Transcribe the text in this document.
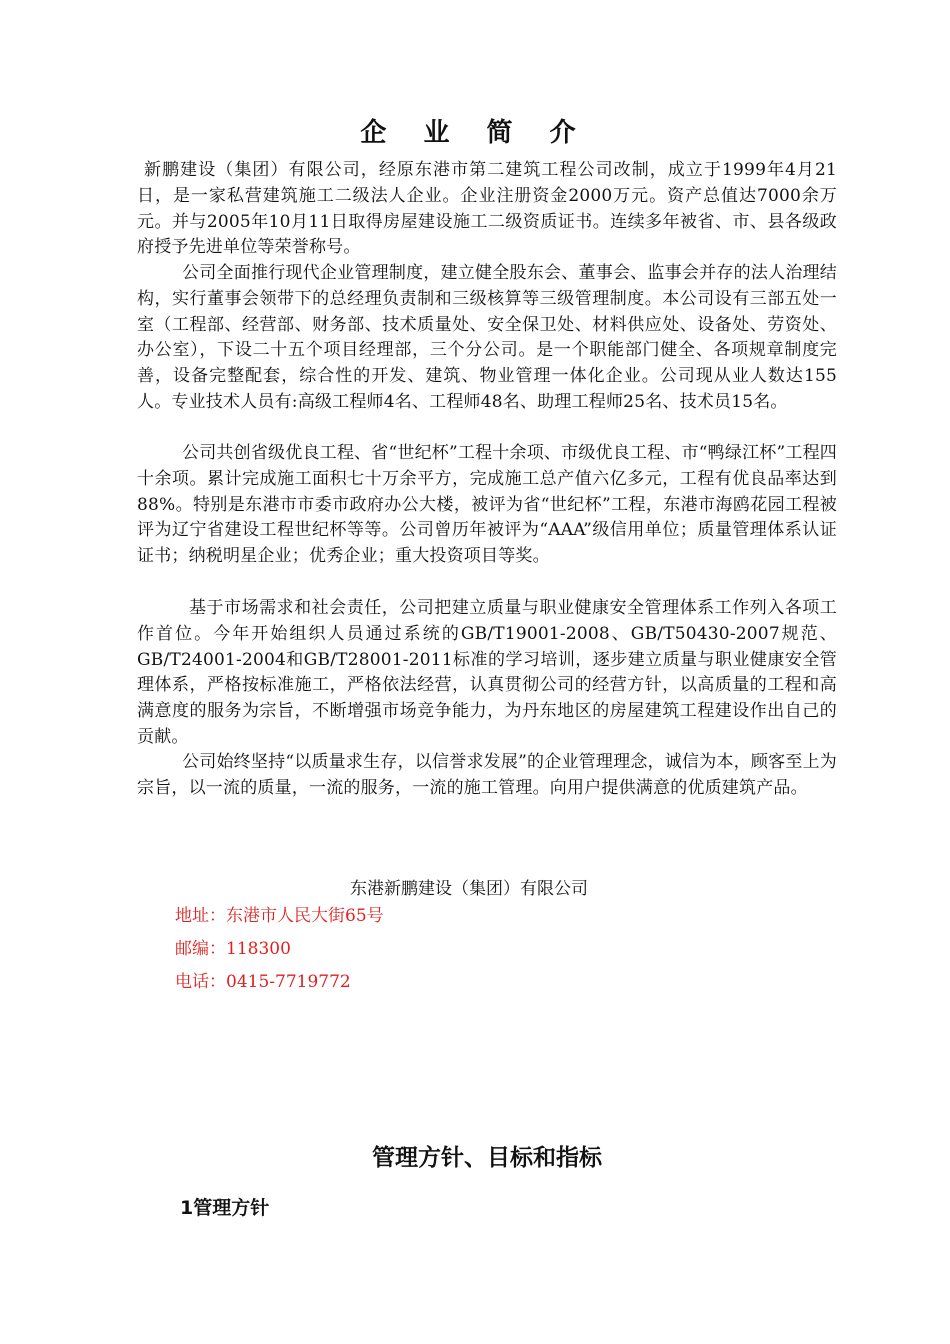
企 业 简 介

新鹏建设（集团）有限公司，经原东港市第二建筑工程公司改制，成立于1999年4月21日，是一家私营建筑施工二级法人企业。企业注册资金2000万元。资产总值达7000余万元。并与2005年10月11日取得房屋建设施工二级资质证书。连续多年被省、市、县各级政府授予先进单位等荣誉称号。

公司全面推行现代企业管理制度，建立健全股东会、董事会、监事会并存的法人治理结构，实行董事会领带下的总经理负责制和三级核算等三级管理制度。本公司设有三部五处一室（工程部、经营部、财务部、技术质量处、安全保卫处、材料供应处、设备处、劳资处、办公室），下设二十五个项目经理部，三个分公司。是一个职能部门健全、各项规章制度完善，设备完整配套，综合性的开发、建筑、物业管理一体化企业。公司现从业人数达155人。专业技术人员有:高级工程师4名、工程师48名、助理工程师25名、技术员15名。

公司共创省级优良工程、省“世纪杯”工程十余项、市级优良工程、市“鸭绿江杯”工程四十余项。累计完成施工面积七十万余平方，完成施工总产值六亿多元，工程有优良品率达到88%。特别是东港市市委市政府办公大楼，被评为省“世纪杯”工程，东港市海鸥花园工程被评为辽宁省建设工程世纪杯等等。公司曾历年被评为“AAA”级信用单位；质量管理体系认证证书；纳税明星企业；优秀企业；重大投资项目等奖。

基于市场需求和社会责任，公司把建立质量与职业健康安全管理体系工作列入各项工作首位。今年开始组织人员通过系统的GB/T19001-2008、GB/T50430-2007规范、GB/T24001-2004和GB/T28001-2011标准的学习培训，逐步建立质量与职业健康安全管理体系，严格按标准施工，严格依法经营，认真贯彻公司的经营方针，以高质量的工程和高满意度的服务为宗旨，不断增强市场竞争能力，为丹东地区的房屋建筑工程建设作出自己的贡献。

公司始终坚持“以质量求生存，以信誉求发展”的企业管理理念，诚信为本，顾客至上为宗旨，以一流的质量，一流的服务，一流的施工管理。向用户提供满意的优质建筑产品。

东港新鹏建设（集团）有限公司
地址：东港市人民大街65号
邮编：118300
电话：0415-7719772
管理方针、目标和指标
1管理方针
